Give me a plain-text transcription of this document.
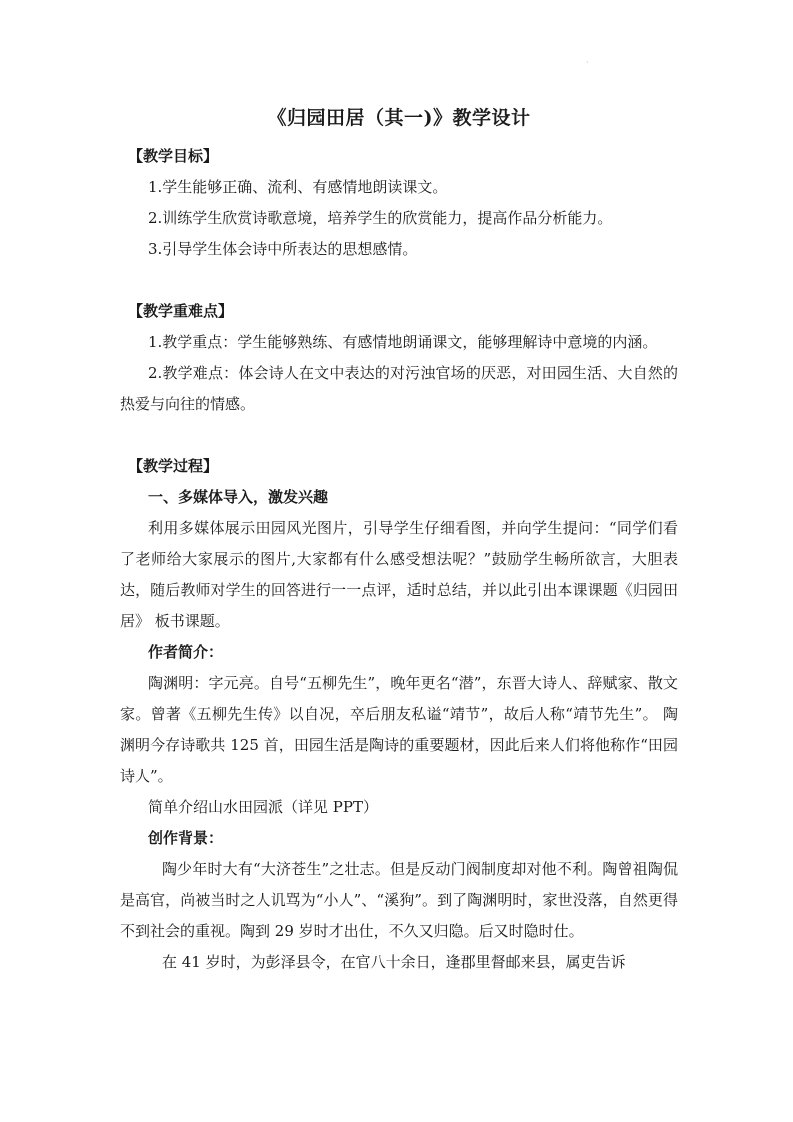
·
《归园田居（其一)》教学设计

【教学目标】

1.学生能够正确、流利、有感情地朗读课文。

2.训练学生欣赏诗歌意境，培养学生的欣赏能力，提高作品分析能力。

3.引导学生体会诗中所表达的思想感情。

【教学重难点】

1.教学重点：学生能够熟练、有感情地朗诵课文，能够理解诗中意境的内涵。

2.教学难点：体会诗人在文中表达的对污浊官场的厌恶，对田园生活、大自然的热爱与向往的情感。

【教学过程】

一、多媒体导入，激发兴趣

利用多媒体展示田园风光图片，引导学生仔细看图，并向学生提问：“同学们看了老师给大家展示的图片,大家都有什么感受想法呢？”鼓励学生畅所欲言，大胆表达，随后教师对学生的回答进行一一点评，适时总结，并以此引出本课课题《归园田居》 板书课题。

作者简介：

陶渊明：字元亮。自号“五柳先生”，晚年更名“潜”，东晋大诗人、辞赋家、散文家。曾著《五柳先生传》以自况，卒后朋友私谥“靖节”，故后人称“靖节先生”。 陶渊明今存诗歌共 125 首，田园生活是陶诗的重要题材，因此后来人们将他称作“田园诗人”。

简单介绍山水田园派（详见 PPT）

创作背景：

陶少年时大有“大济苍生”之壮志。但是反动门阀制度却对他不利。陶曾祖陶侃是高官，尚被当时之人讥骂为“小人”、“溪狗”。到了陶渊明时，家世没落，自然更得不到社会的重视。陶到 29 岁时才出仕，不久又归隐。后又时隐时仕。

在 41 岁时，为彭泽县令，在官八十余日，逢郡里督邮来县，属吏告诉
